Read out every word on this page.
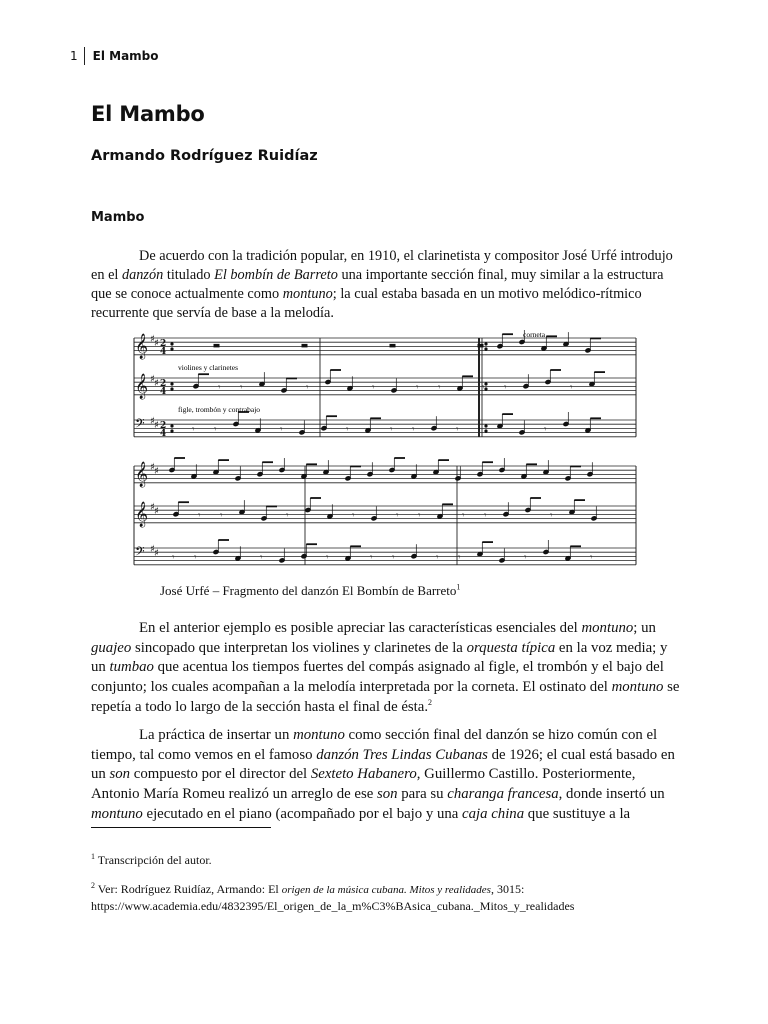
1	El Mambo
El Mambo
Armando Rodríguez Ruidíaz
Mambo

De acuerdo con la tradición popular, en 1910, el clarinetista y compositor José Urfé introdujo en el danzón titulado El bombín de Barreto una importante sección final, muy similar a la estructura que se conoce actualmente como montuno; la cual estaba basada en un motivo melódico-rítmico recurrente que servía de base a la melodía.

𝄞 ♯ ♯ 2
4
𝄞 ♯ ♯ 2
4
𝄢 ♯ ♯ 2
4
𝄾 𝄾	𝄾	𝄾	𝄾 𝄾	𝄾 𝄾	𝄾
𝄾 𝄾	𝄾	𝄾	𝄾 𝄾	𝄾 𝄾	𝄾
𝄞 ♯ ♯
𝄞 ♯ ♯
𝄢 ♯ ♯
𝄾 𝄾	𝄾	𝄾	𝄾 𝄾	𝄾 𝄾	𝄾
𝄾 𝄾	𝄾	𝄾	𝄾 𝄾	𝄾 𝄾	𝄾	𝄾
corneta
violines y clarinetes
figle, trombón y contrabajo

José Urfé – Fragmento del danzón El Bombín de Barreto$^1$

En el anterior ejemplo es posible apreciar las características esenciales del montuno; un guajeo sincopado que interpretan los violines y clarinetes de la orquesta típica en la voz media; y un tumbao que acentua los tiempos fuertes del compás asignado al figle, el trombón y el bajo del conjunto; los cuales acompañan a la melodía interpretada por la corneta. El ostinato del montuno se repetía a todo lo largo de la sección hasta el final de ésta.$^2$

La práctica de insertar un montuno como sección final del danzón se hizo común con el tiempo, tal como vemos en el famoso danzón Tres Lindas Cubanas de 1926; el cual está basado en un son compuesto por el director del Sexteto Habanero, Guillermo Castillo. Posteriormente, Antonio María Romeu realizó un arreglo de ese son para su charanga francesa, donde insertó un montuno ejecutado en el piano (acompañado por el bajo y una caja china que sustituye a la

$^1$ Transcripción del autor.

$^2$ Ver: Rodríguez Ruidíaz, Armando: El origen de la música cubana. Mitos y realidades, 3015:
https://www.academia.edu/4832395/El_origen_de_la_m%C3%BAsica_cubana._Mitos_y_realidades
